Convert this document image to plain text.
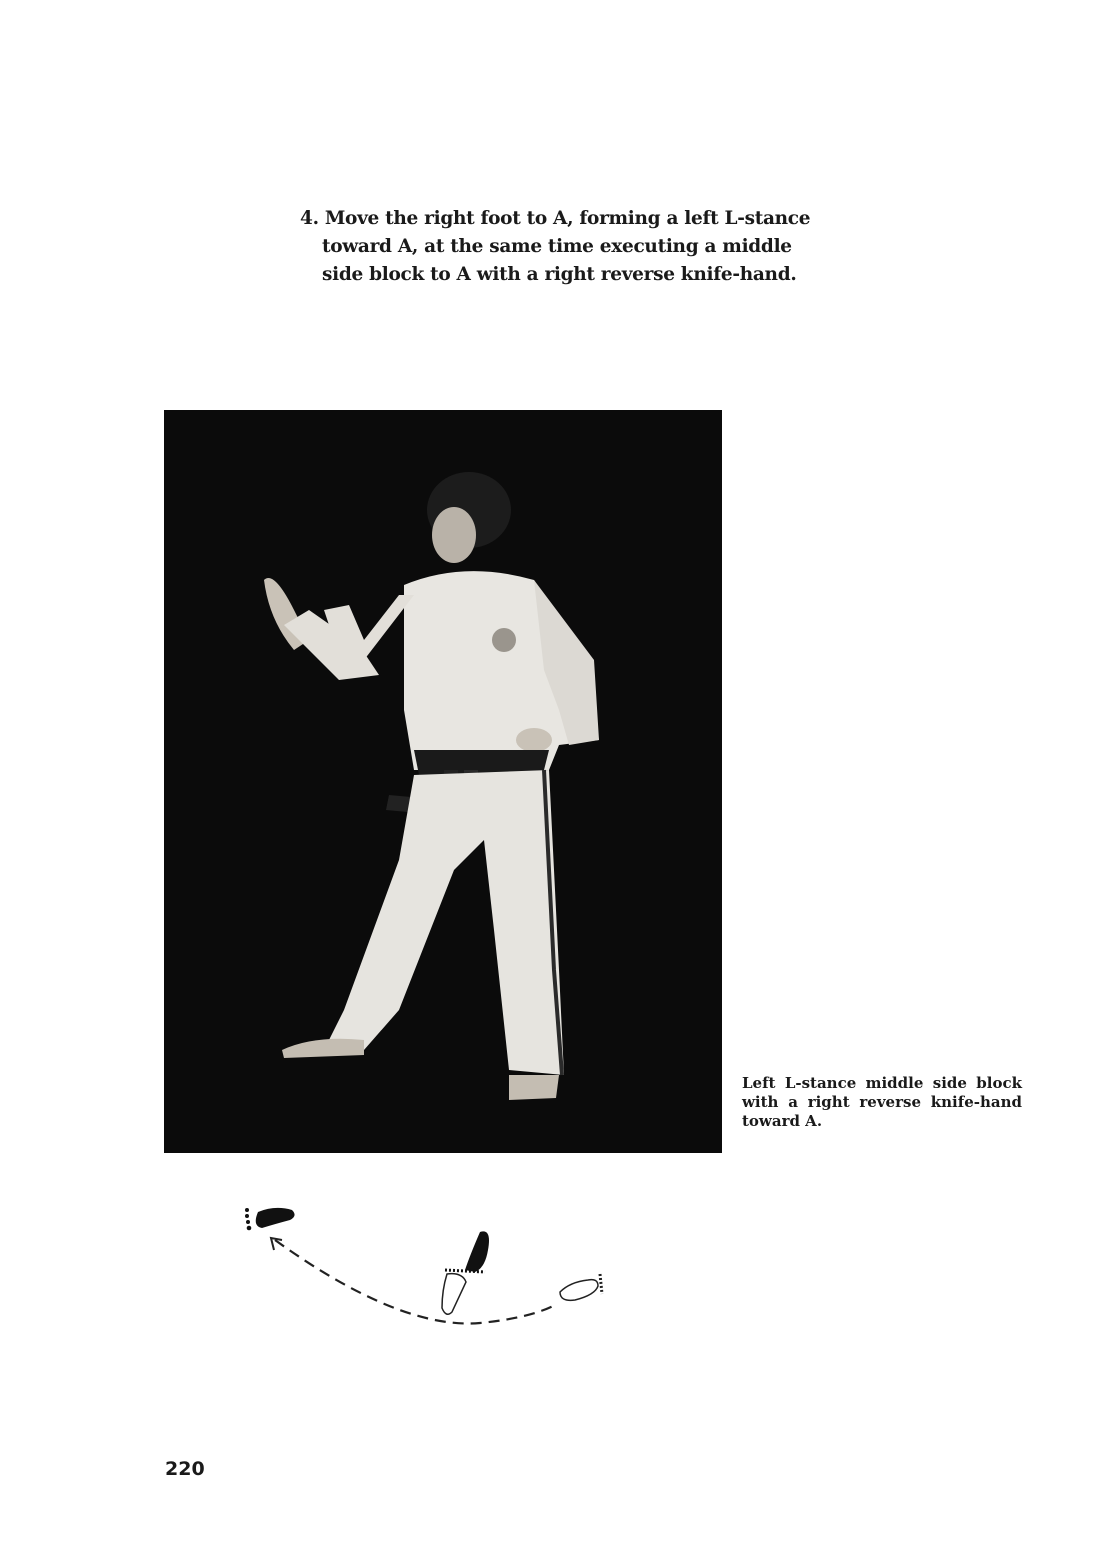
4. Move the right foot to A, forming a left L-stance
toward A, at the same time executing a middle
side block to A with a right reverse knife-hand.
Left L-stance middle side block with a right reverse knife-hand toward A.
220
